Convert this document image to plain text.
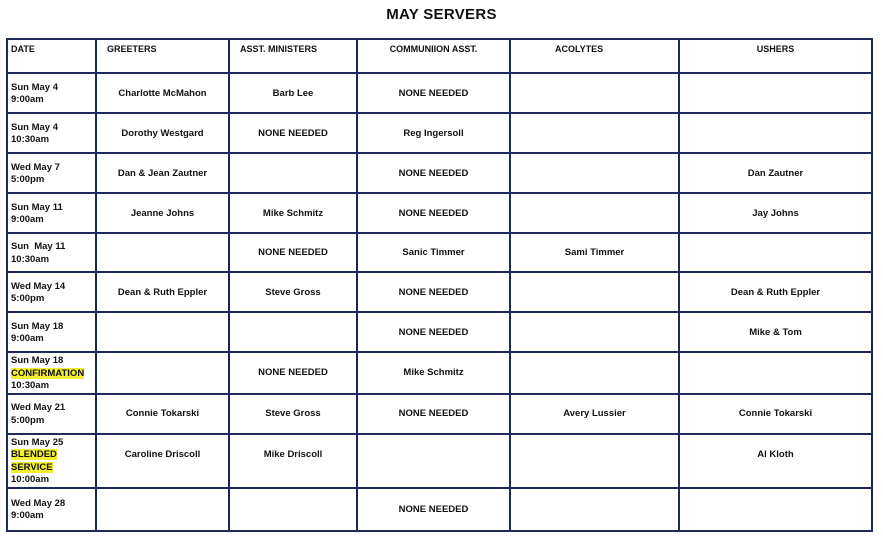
MAY SERVERS
DATE	GREETERS	ASST. MINISTERS	COMMUNIION ASST.	ACOLYTES	USHERS

Sun May 4
9:00am	Charlotte McMahon	Barb Lee	NONE NEEDED		

Sun May 4
10:30am	Dorothy Westgard	NONE NEEDED	Reg Ingersoll		

Wed May 7
5:00pm	Dan & Jean Zautner		NONE NEEDED		Dan Zautner

Sun May 11
9:00am	Jeanne Johns	Mike Schmitz	NONE NEEDED		Jay Johns

Sun  May 11
10:30am		NONE NEEDED	Sanic Timmer	Sami Timmer	

Wed May 14
5:00pm	Dean & Ruth Eppler	Steve Gross	NONE NEEDED		Dean & Ruth Eppler

Sun May 18
9:00am			NONE NEEDED		Mike & Tom

Sun May 18
CONFIRMATION
10:30am		NONE NEEDED	Mike Schmitz		

Wed May 21
5:00pm	Connie Tokarski	Steve Gross	NONE NEEDED	Avery Lussier	Connie Tokarski

Sun May 25
BLENDED
SERVICE
10:00am	Caroline Driscoll	Mike Driscoll			Al Kloth

Wed May 28
9:00am			NONE NEEDED		
